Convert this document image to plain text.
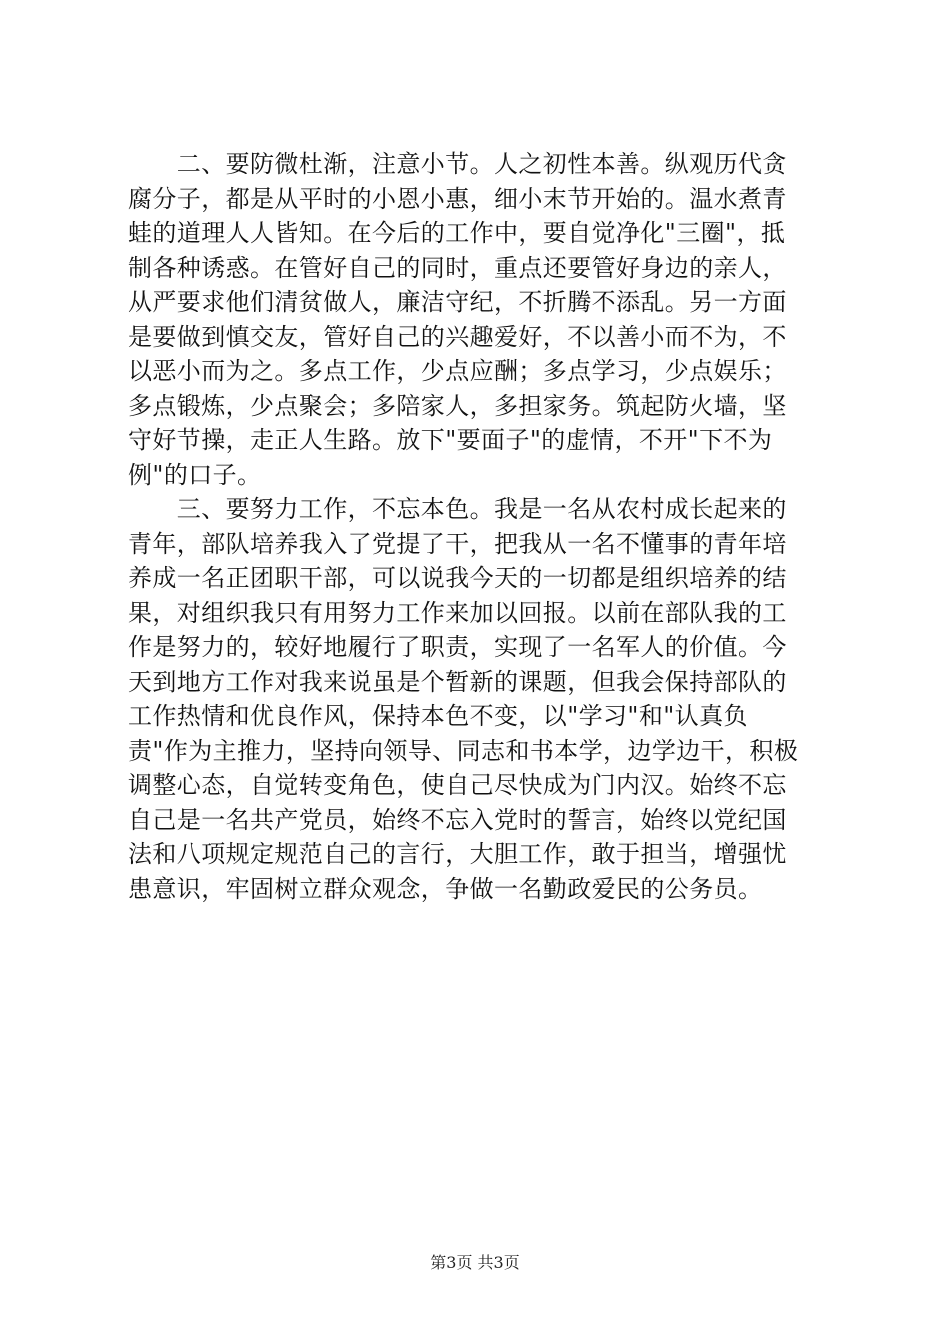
　　二、要防微杜渐，注意小节。人之初性本善。纵观历代贪
腐分子，都是从平时的小恩小惠，细小末节开始的。温水煮青
蛙的道理人人皆知。在今后的工作中，要自觉净化"三圈"，抵
制各种诱惑。在管好自己的同时，重点还要管好身边的亲人，
从严要求他们清贫做人，廉洁守纪，不折腾不添乱。另一方面
是要做到慎交友，管好自己的兴趣爱好，不以善小而不为，不
以恶小而为之。多点工作，少点应酬；多点学习，少点娱乐；
多点锻炼，少点聚会；多陪家人，多担家务。筑起防火墙，坚
守好节操，走正人生路。放下"要面子"的虚情，不开"下不为
例"的口子。
　　三、要努力工作，不忘本色。我是一名从农村成长起来的
青年，部队培养我入了党提了干，把我从一名不懂事的青年培
养成一名正团职干部，可以说我今天的一切都是组织培养的结
果，对组织我只有用努力工作来加以回报。以前在部队我的工
作是努力的，较好地履行了职责，实现了一名军人的价值。今
天到地方工作对我来说虽是个暂新的课题，但我会保持部队的
工作热情和优良作风，保持本色不变，以"学习"和"认真负
责"作为主推力，坚持向领导、同志和书本学，边学边干，积极
调整心态，自觉转变角色，使自己尽快成为门内汉。始终不忘
自己是一名共产党员，始终不忘入党时的誓言，始终以党纪国
法和八项规定规范自己的言行，大胆工作，敢于担当，增强忧
患意识，牢固树立群众观念，争做一名勤政爱民的公务员。
第3页 共3页
